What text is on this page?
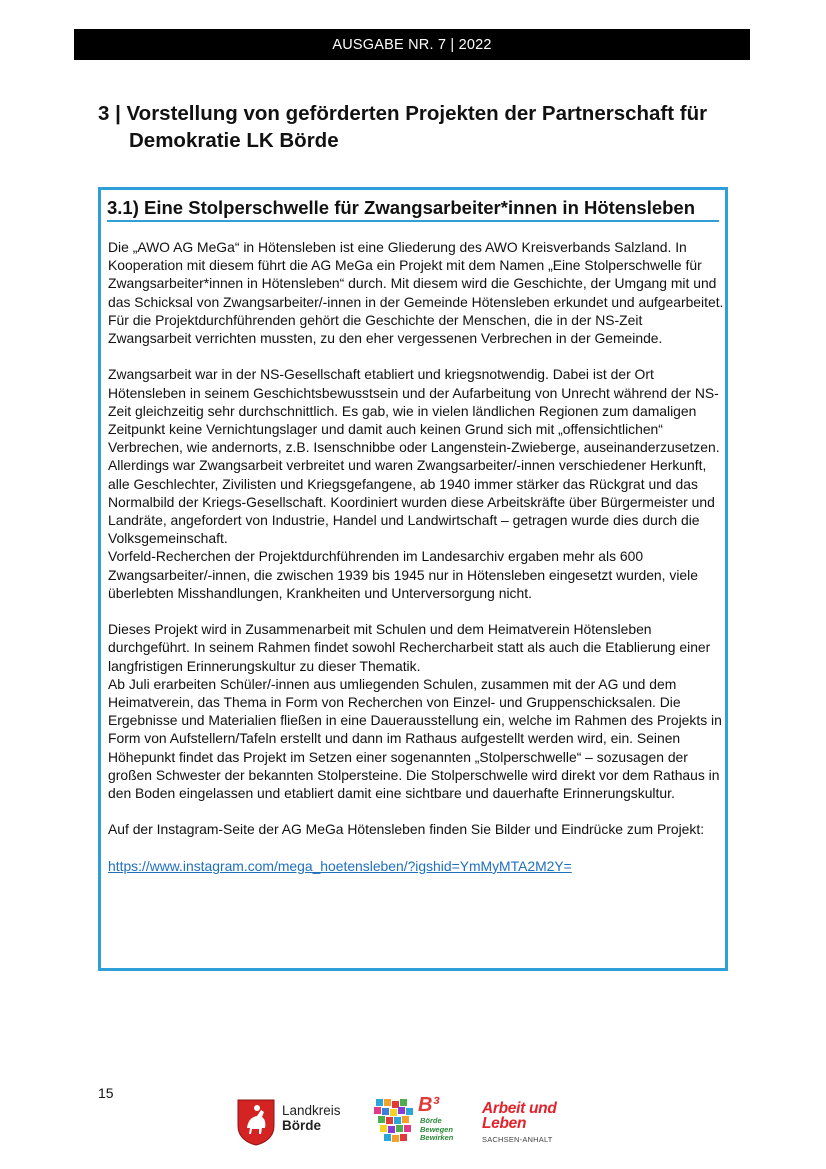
AUSGABE NR. 7 | 2022
3 | Vorstellung von geförderten Projekten der Partnerschaft für
Demokratie LK Börde
3.1) Eine Stolperschwelle für Zwangsarbeiter*innen in Hötensleben

Die „AWO AG MeGa“ in Hötensleben ist eine Gliederung des AWO Kreisverbands Salzland. In Kooperation mit diesem führt die AG MeGa ein Projekt mit dem Namen „Eine Stolperschwelle für Zwangsarbeiter*innen in Hötensleben“ durch. Mit diesem wird die Geschichte, der Umgang mit und das Schicksal von Zwangsarbeiter/-innen in der Gemeinde Hötensleben erkundet und aufgearbeitet.
Für die Projektdurchführenden gehört die Geschichte der Menschen, die in der NS-Zeit Zwangsarbeit verrichten mussten, zu den eher vergessenen Verbrechen in der Gemeinde.

Zwangsarbeit war in der NS-Gesellschaft etabliert und kriegsnotwendig. Dabei ist der Ort Hötensleben in seinem Geschichtsbewusstsein und der Aufarbeitung von Unrecht während der NS-Zeit gleichzeitig sehr durchschnittlich. Es gab, wie in vielen ländlichen Regionen zum damaligen Zeitpunkt keine Vernichtungslager und damit auch keinen Grund sich mit „offensichtlichen“ Verbrechen, wie andernorts, z.B. Isenschnibbe oder Langenstein-Zwieberge, auseinanderzusetzen.
Allerdings war Zwangsarbeit verbreitet und waren Zwangsarbeiter/-innen verschiedener Herkunft, alle Geschlechter, Zivilisten und Kriegsgefangene, ab 1940 immer stärker das Rückgrat und das Normalbild der Kriegs-Gesellschaft. Koordiniert wurden diese Arbeitskräfte über Bürgermeister und Landräte, angefordert von Industrie, Handel und Landwirtschaft – getragen wurde dies durch die Volksgemeinschaft.
Vorfeld-Recherchen der Projektdurchführenden im Landesarchiv ergaben mehr als 600 Zwangsarbeiter/-innen, die zwischen 1939 bis 1945 nur in Hötensleben eingesetzt wurden, viele überlebten Misshandlungen, Krankheiten und Unterversorgung nicht.

Dieses Projekt wird in Zusammenarbeit mit Schulen und dem Heimatverein Hötensleben durchgeführt. In seinem Rahmen findet sowohl Rechercharbeit statt als auch die Etablierung einer langfristigen Erinnerungskultur zu dieser Thematik.
Ab Juli erarbeiten Schüler/-innen aus umliegenden Schulen, zusammen mit der AG und dem Heimatverein, das Thema in Form von Recherchen von Einzel- und Gruppenschicksalen. Die Ergebnisse und Materialien fließen in eine Dauerausstellung ein, welche im Rahmen des Projekts in Form von Aufstellern/Tafeln erstellt und dann im Rathaus aufgestellt werden wird, ein. Seinen Höhepunkt findet das Projekt im Setzen einer sogenannten „Stolperschwelle“ – sozusagen der großen Schwester der bekannten Stolpersteine. Die Stolperschwelle wird direkt vor dem Rathaus in den Boden eingelassen und etabliert damit eine sichtbare und dauerhafte Erinnerungskultur.

Auf der Instagram-Seite der AG MeGa Hötensleben finden Sie Bilder und Eindrücke zum Projekt:

https://www.instagram.com/mega_hoetensleben/?igshid=YmMyMTA2M2Y=

15
Landkreis
Börde
B³
Börde
Bewegen
Bewirken
Arbeit und
Leben
SACHSEN-ANHALT
